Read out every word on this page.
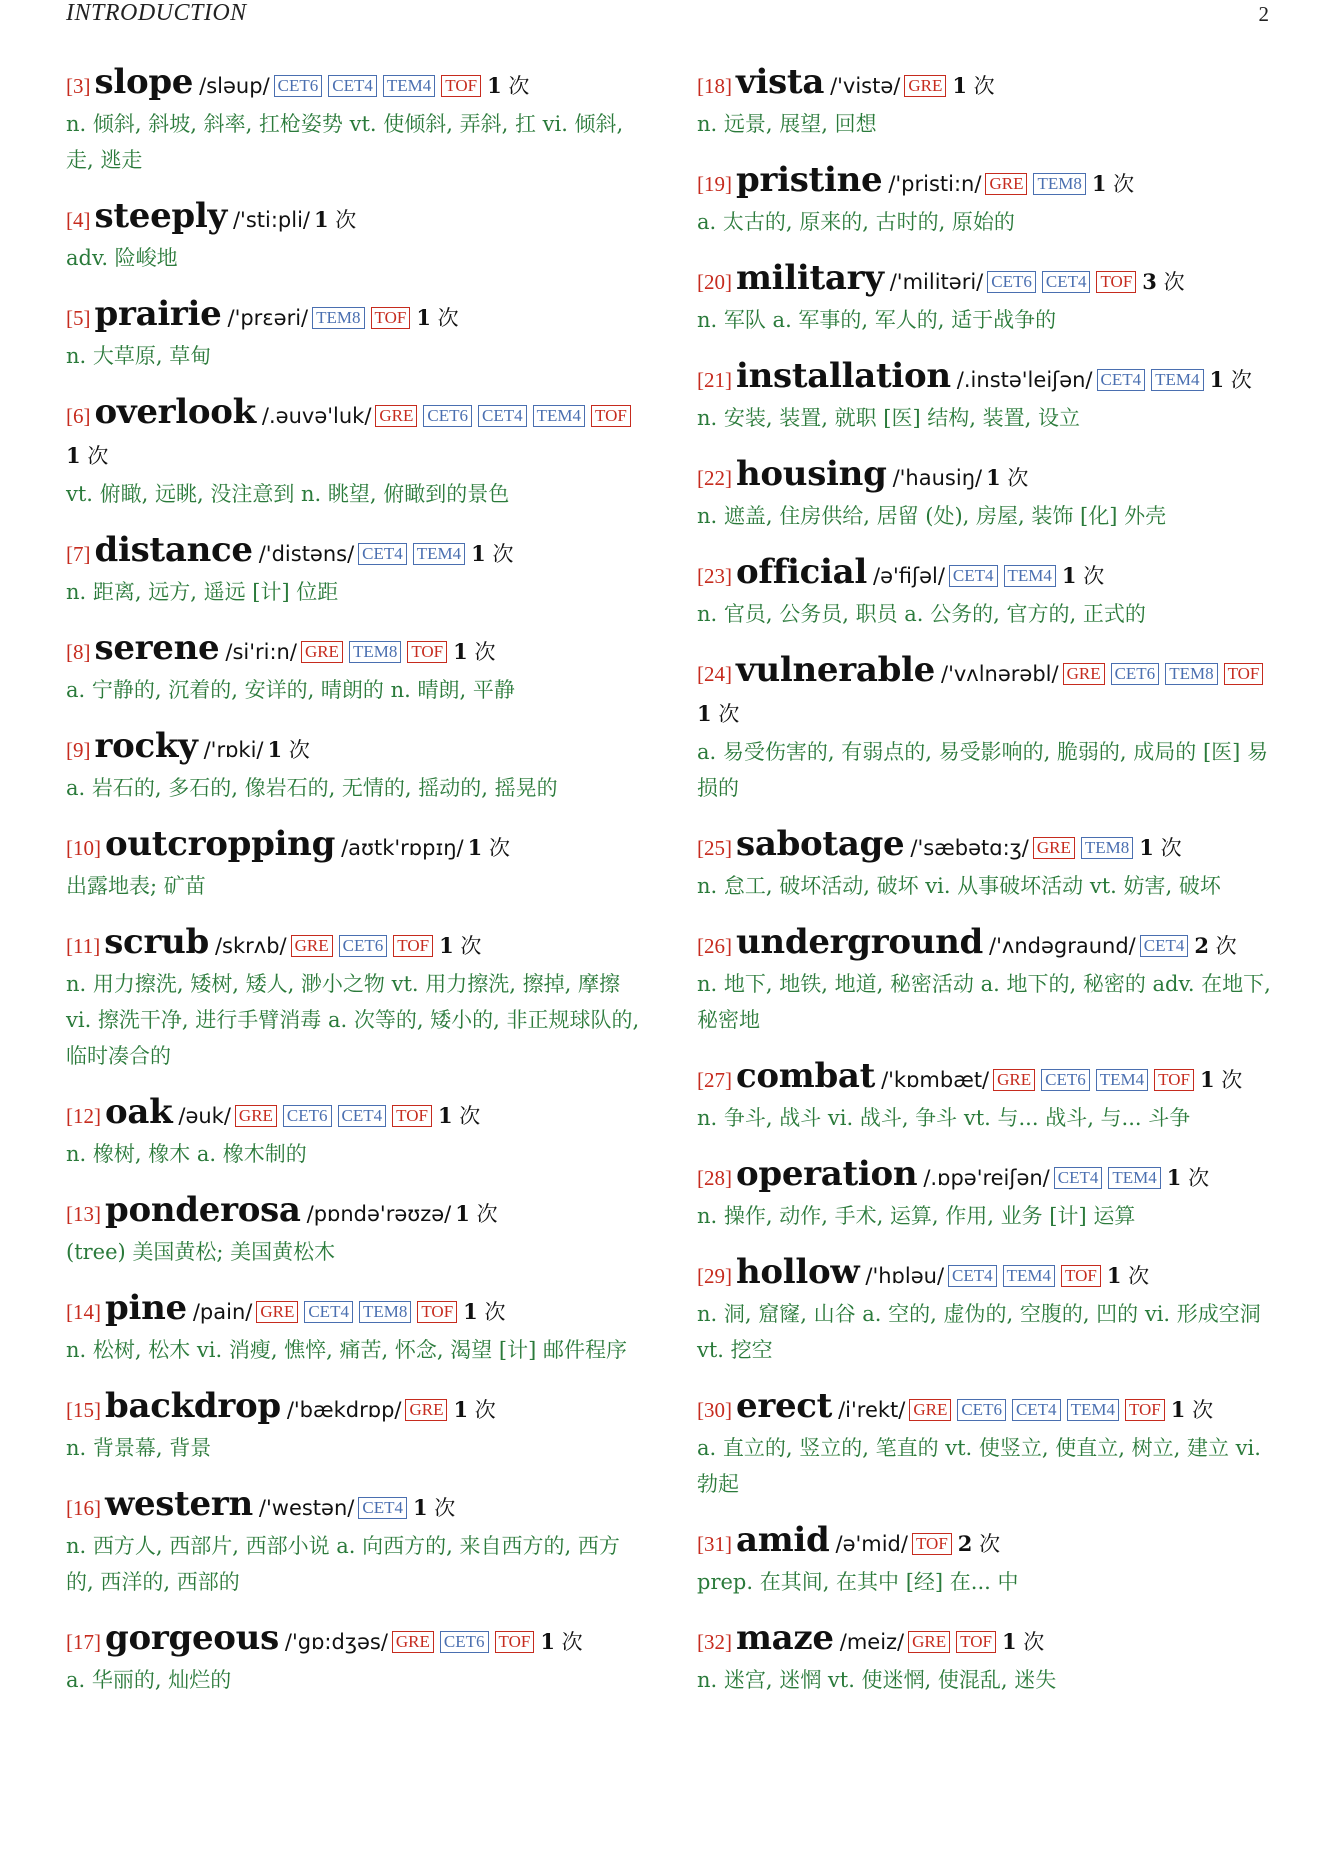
INTRODUCTION	2
[3] slope /sləup/ CET6 CET4 TEM4 TOF 1 次
n. 倾斜, 斜坡, 斜率, 扛枪姿势 vt. 使倾斜, 弄斜, 扛 vi. 倾斜, 走, 逃走
[4] steeply /'sti:pli/ 1 次
adv. 险峻地
[5] prairie /'prɛəri/ TEM8 TOF 1 次
n. 大草原, 草甸
[6] overlook /.əuvə'luk/ GRE CET6 CET4 TEM4 TOF1 次
vt. 俯瞰, 远眺, 没注意到 n. 眺望, 俯瞰到的景色
[7] distance /'distəns/ CET4 TEM4 1 次
n. 距离, 远方, 遥远 [计] 位距
[8] serene /si'ri:n/ GRE TEM8 TOF 1 次
a. 宁静的, 沉着的, 安详的, 晴朗的 n. 晴朗, 平静
[9] rocky /'rɒki/ 1 次
a. 岩石的, 多石的, 像岩石的, 无情的, 摇动的, 摇晃的
[10] outcropping /aʊtk'rɒpɪŋ/ 1 次
出露地表; 矿苗
[11] scrub /skrʌb/ GRE CET6 TOF 1 次
n. 用力擦洗, 矮树, 矮人, 渺小之物 vt. 用力擦洗, 擦掉, 摩擦 vi. 擦洗干净, 进行手臂消毒 a. 次等的, 矮小的, 非正规球队的, 临时凑合的
[12] oak /əuk/ GRE CET6 CET4 TOF 1 次
n. 橡树, 橡木 a. 橡木制的
[13] ponderosa /pɒndə'rəʊzə/ 1 次
(tree) 美国黄松; 美国黄松木
[14] pine /pain/ GRE CET4 TEM8 TOF 1 次
n. 松树, 松木 vi. 消瘦, 憔悴, 痛苦, 怀念, 渴望 [计] 邮件程序
[15] backdrop /'bækdrɒp/ GRE 1 次
n. 背景幕, 背景
[16] western /'westən/ CET4 1 次
n. 西方人, 西部片, 西部小说 a. 向西方的, 来自西方的, 西方的, 西洋的, 西部的
[17] gorgeous /'gɒ:dʒəs/ GRE CET6 TOF 1 次
a. 华丽的, 灿烂的
[18] vista /'vistə/ GRE 1 次
n. 远景, 展望, 回想
[19] pristine /'pristi:n/ GRE TEM8 1 次
a. 太古的, 原来的, 古时的, 原始的
[20] military /'militəri/ CET6 CET4 TOF 3 次
n. 军队 a. 军事的, 军人的, 适于战争的
[21] installation /.instə'leiʃən/ CET4 TEM4 1 次
n. 安装, 装置, 就职 [医] 结构, 装置, 设立
[22] housing /'hausiŋ/ 1 次
n. 遮盖, 住房供给, 居留 (处), 房屋, 装饰 [化] 外壳
[23] official /ə'fiʃəl/ CET4 TEM4 1 次
n. 官员, 公务员, 职员 a. 公务的, 官方的, 正式的
[24] vulnerable /'vʌlnərəbl/ GRE CET6 TEM8 TOF1 次
a. 易受伤害的, 有弱点的, 易受影响的, 脆弱的, 成局的 [医] 易损的
[25] sabotage /'sæbətɑ:ʒ/ GRE TEM8 1 次
n. 怠工, 破坏活动, 破坏 vi. 从事破坏活动 vt. 妨害, 破坏
[26] underground /'ʌndəgraund/ CET4 2 次
n. 地下, 地铁, 地道, 秘密活动 a. 地下的, 秘密的 adv. 在地下, 秘密地
[27] combat /'kɒmbæt/ GRE CET6 TEM4 TOF 1 次
n. 争斗, 战斗 vi. 战斗, 争斗 vt. 与... 战斗, 与... 斗争
[28] operation /.ɒpə'reiʃən/ CET4 TEM4 1 次
n. 操作, 动作, 手术, 运算, 作用, 业务 [计] 运算
[29] hollow /'hɒləu/ CET4 TEM4 TOF 1 次
n. 洞, 窟窿, 山谷 a. 空的, 虚伪的, 空腹的, 凹的 vi. 形成空洞 vt. 挖空
[30] erect /i'rekt/ GRE CET6 CET4 TEM4 TOF 1 次
a. 直立的, 竖立的, 笔直的 vt. 使竖立, 使直立, 树立, 建立 vi. 勃起
[31] amid /ə'mid/ TOF 2 次
prep. 在其间, 在其中 [经] 在... 中
[32] maze /meiz/ GRE TOF 1 次
n. 迷宫, 迷惘 vt. 使迷惘, 使混乱, 迷失
